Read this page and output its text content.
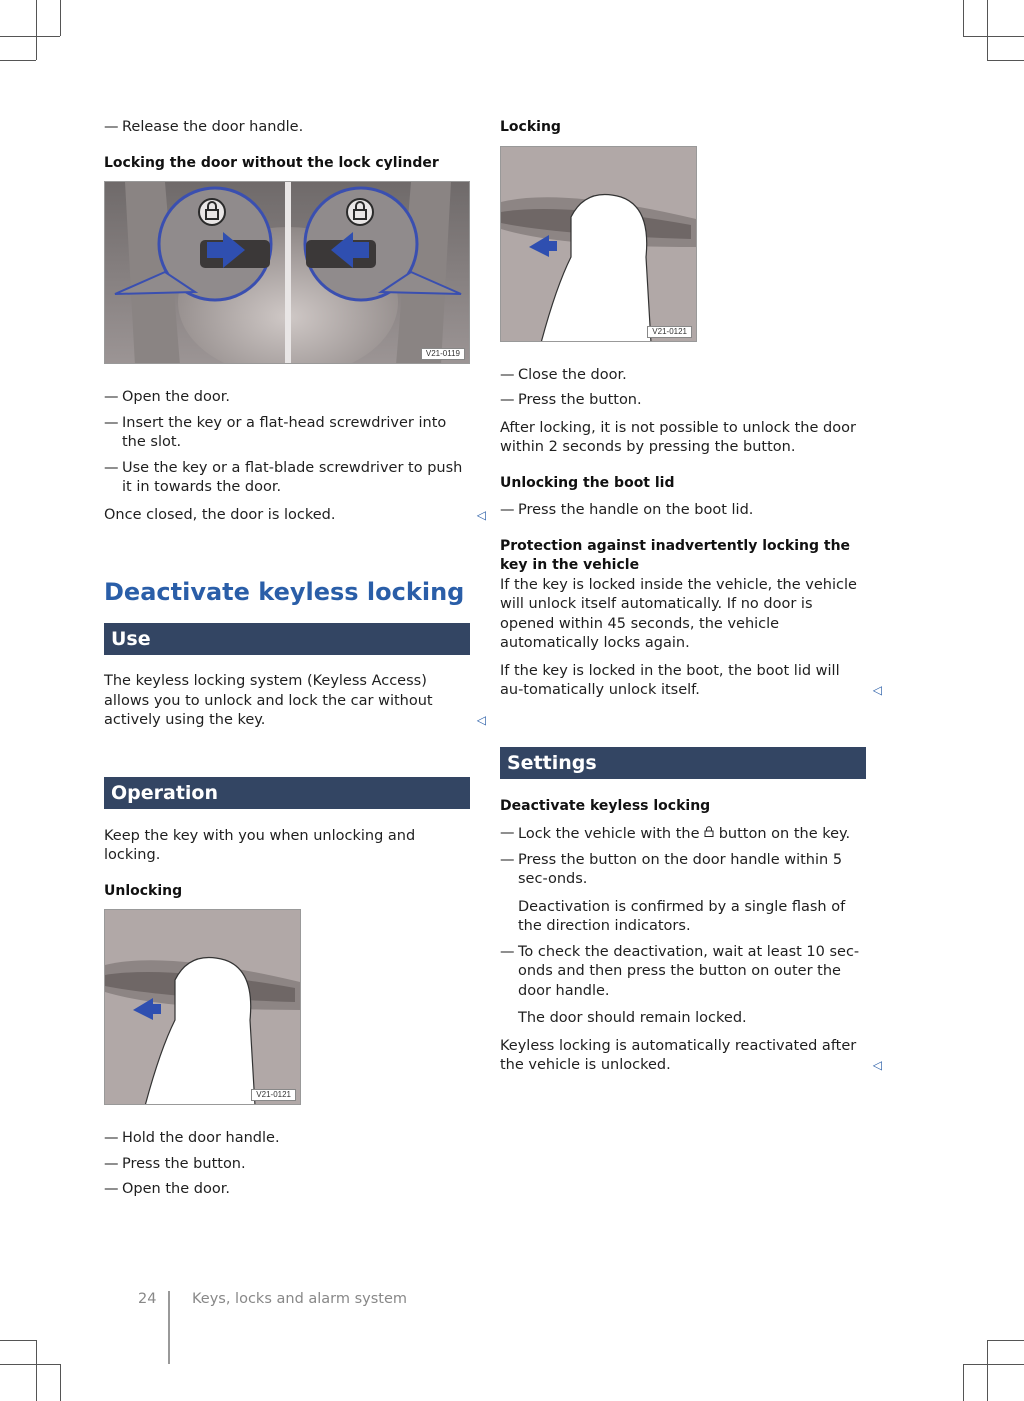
— Release the door handle.

Locking the door without the lock cylinder

V21-0119
— Open the door.
— Insert the key or a flat-head screwdriver into the slot.
— Use the key or a flat-blade screwdriver to push it in towards the door.

Once closed, the door is locked.	◁

Deactivate keyless locking
Use

The keyless locking system (Keyless Access) allows you to unlock and lock the car without actively using the key.	◁

Operation

Keep the key with you when unlocking and locking.

Unlocking

V21-0121
— Hold the door handle.
— Press the button.
— Open the door.

Locking

V21-0121
— Close the door.
— Press the button.

After locking, it is not possible to unlock the door within 2 seconds by pressing the button.

Unlocking the boot lid

— Press the handle on the boot lid.

Protection against inadvertently locking the key in the vehicle

If the key is locked inside the vehicle, the vehicle will unlock itself automatically. If no door is opened within 45 seconds, the vehicle automatically locks again.

If the key is locked in the boot, the boot lid will au-tomatically unlock itself.	◁

Settings

Deactivate keyless locking

— Lock the vehicle with the button on the key.
— Press the button on the door handle within 5 sec-onds.

Deactivation is confirmed by a single flash of the direction indicators.

— To check the deactivation, wait at least 10 sec-onds and then press the button on outer the door handle.

The door should remain locked.

Keyless locking is automatically reactivated after the vehicle is unlocked.	◁

24 Keys, locks and alarm system
